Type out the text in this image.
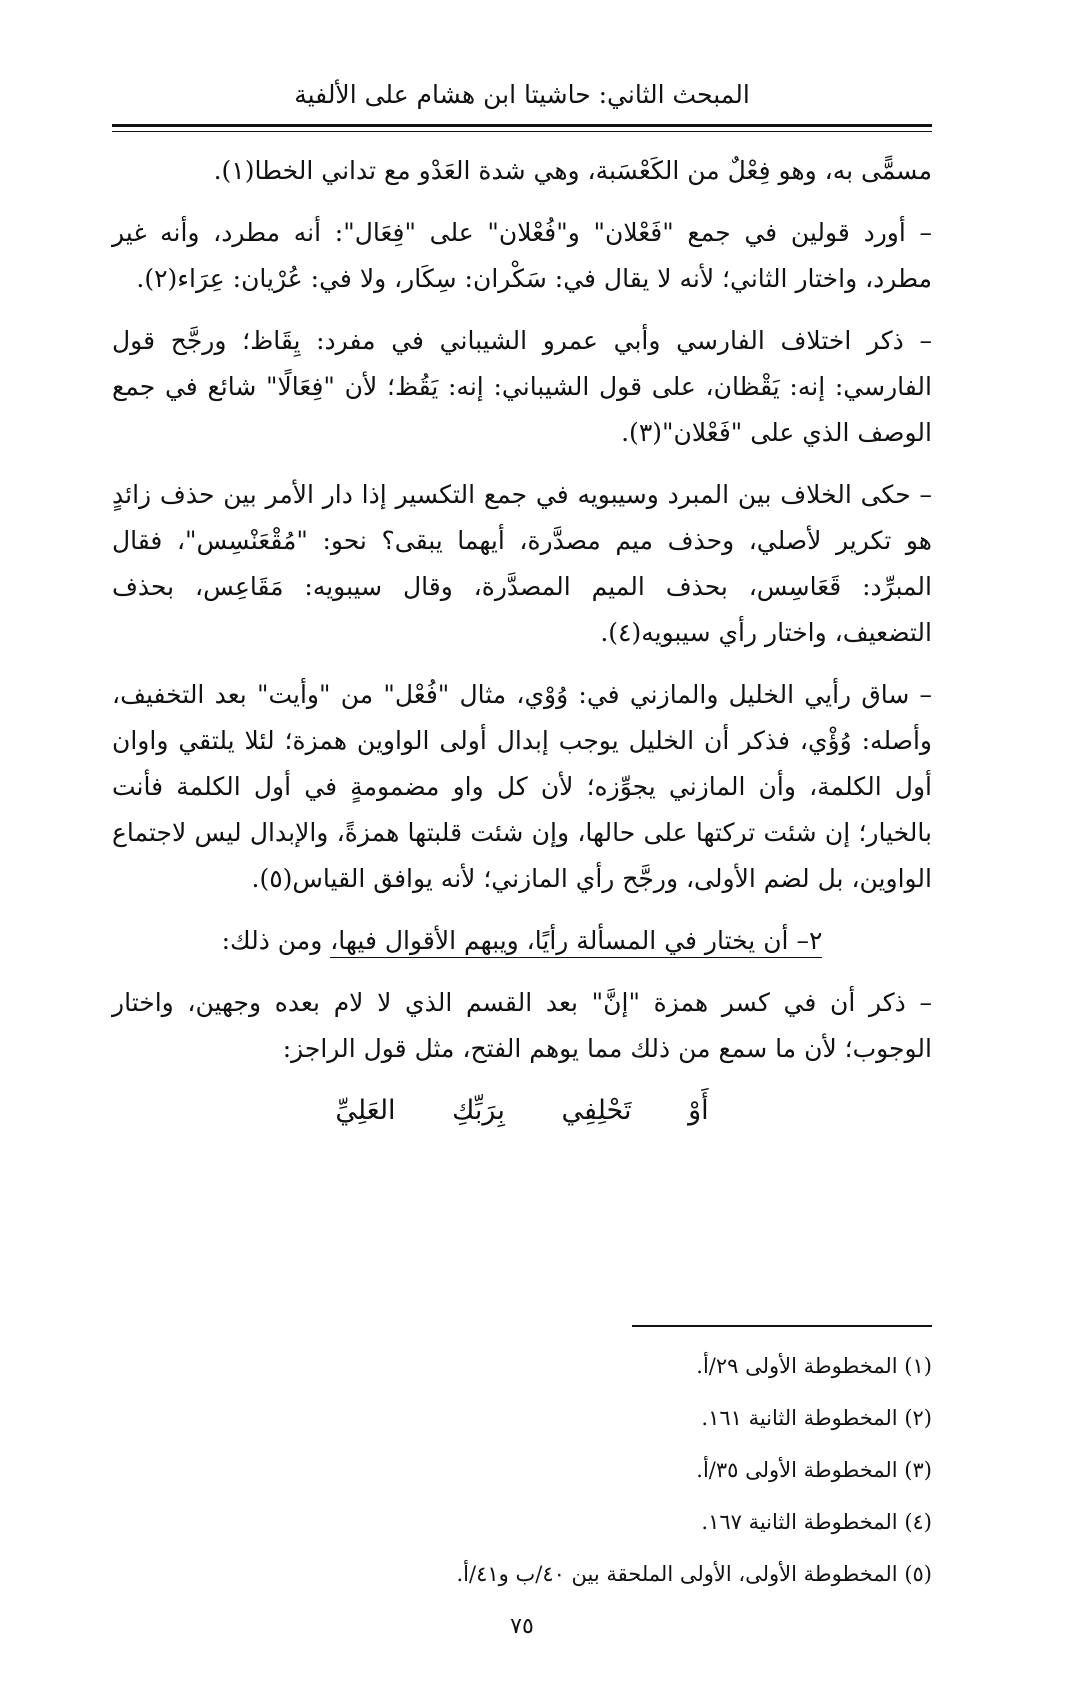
المبحث الثاني: حاشيتا ابن هشام على الألفية

مسمًّى به، وهو فِعْلٌ من الكَعْسَبة، وهي شدة العَدْو مع تداني الخطا(١).

– أورد قولين في جمع "فَعْلان" و"فُعْلان" على "فِعَال": أنه مطرد، وأنه غير مطرد، واختار الثاني؛ لأنه لا يقال في: سَكْران: سِكَار، ولا في: عُرْيان: عِرَاء(٢).

– ذكر اختلاف الفارسي وأبي عمرو الشيباني في مفرد: يِقَاظ؛ ورجَّح قول الفارسي: إنه: يَقْظان، على قول الشيباني: إنه: يَقُظ؛ لأن "فِعَالًا" شائع في جمع الوصف الذي على "فَعْلان"(٣).

– حكى الخلاف بين المبرد وسيبويه في جمع التكسير إذا دار الأمر بين حذف زائدٍ هو تكرير لأصلي، وحذف ميم مصدَّرة، أيهما يبقى؟ نحو: "مُقْعَنْسِس"، فقال المبرِّد: قَعَاسِس، بحذف الميم المصدَّرة، وقال سيبويه: مَقَاعِس، بحذف التضعيف، واختار رأي سيبويه(٤).

– ساق رأيي الخليل والمازني في: وُوْي، مثال "فُعْل" من "وأيت" بعد التخفيف، وأصله: وُؤْي، فذكر أن الخليل يوجب إبدال أولى الواوين همزة؛ لئلا يلتقي واوان أول الكلمة، وأن المازني يجوِّزه؛ لأن كل واو مضمومةٍ في أول الكلمة فأنت بالخيار؛ إن شئت تركتها على حالها، وإن شئت قلبتها همزةً، والإبدال ليس لاجتماع الواوين، بل لضم الأولى، ورجَّح رأي المازني؛ لأنه يوافق القياس(٥).

٢– أن يختار في المسألة رأيًا، ويبهم الأقوال فيها، ومن ذلك:

– ذكر أن في كسر همزة "إنَّ" بعد القسم الذي لا لام بعده وجهين، واختار الوجوب؛ لأن ما سمع من ذلك مما يوهم الفتح، مثل قول الراجز:

أَوْ تَحْلِفِي بِرَبِّكِ العَلِيِّ
(١) المخطوطة الأولى ٢٩/أ.
(٢) المخطوطة الثانية ١٦١.
(٣) المخطوطة الأولى ٣٥/أ.
(٤) المخطوطة الثانية ١٦٧.
(٥) المخطوطة الأولى، الأولى الملحقة بين ٤٠/ب و٤١/أ.
٧٥
